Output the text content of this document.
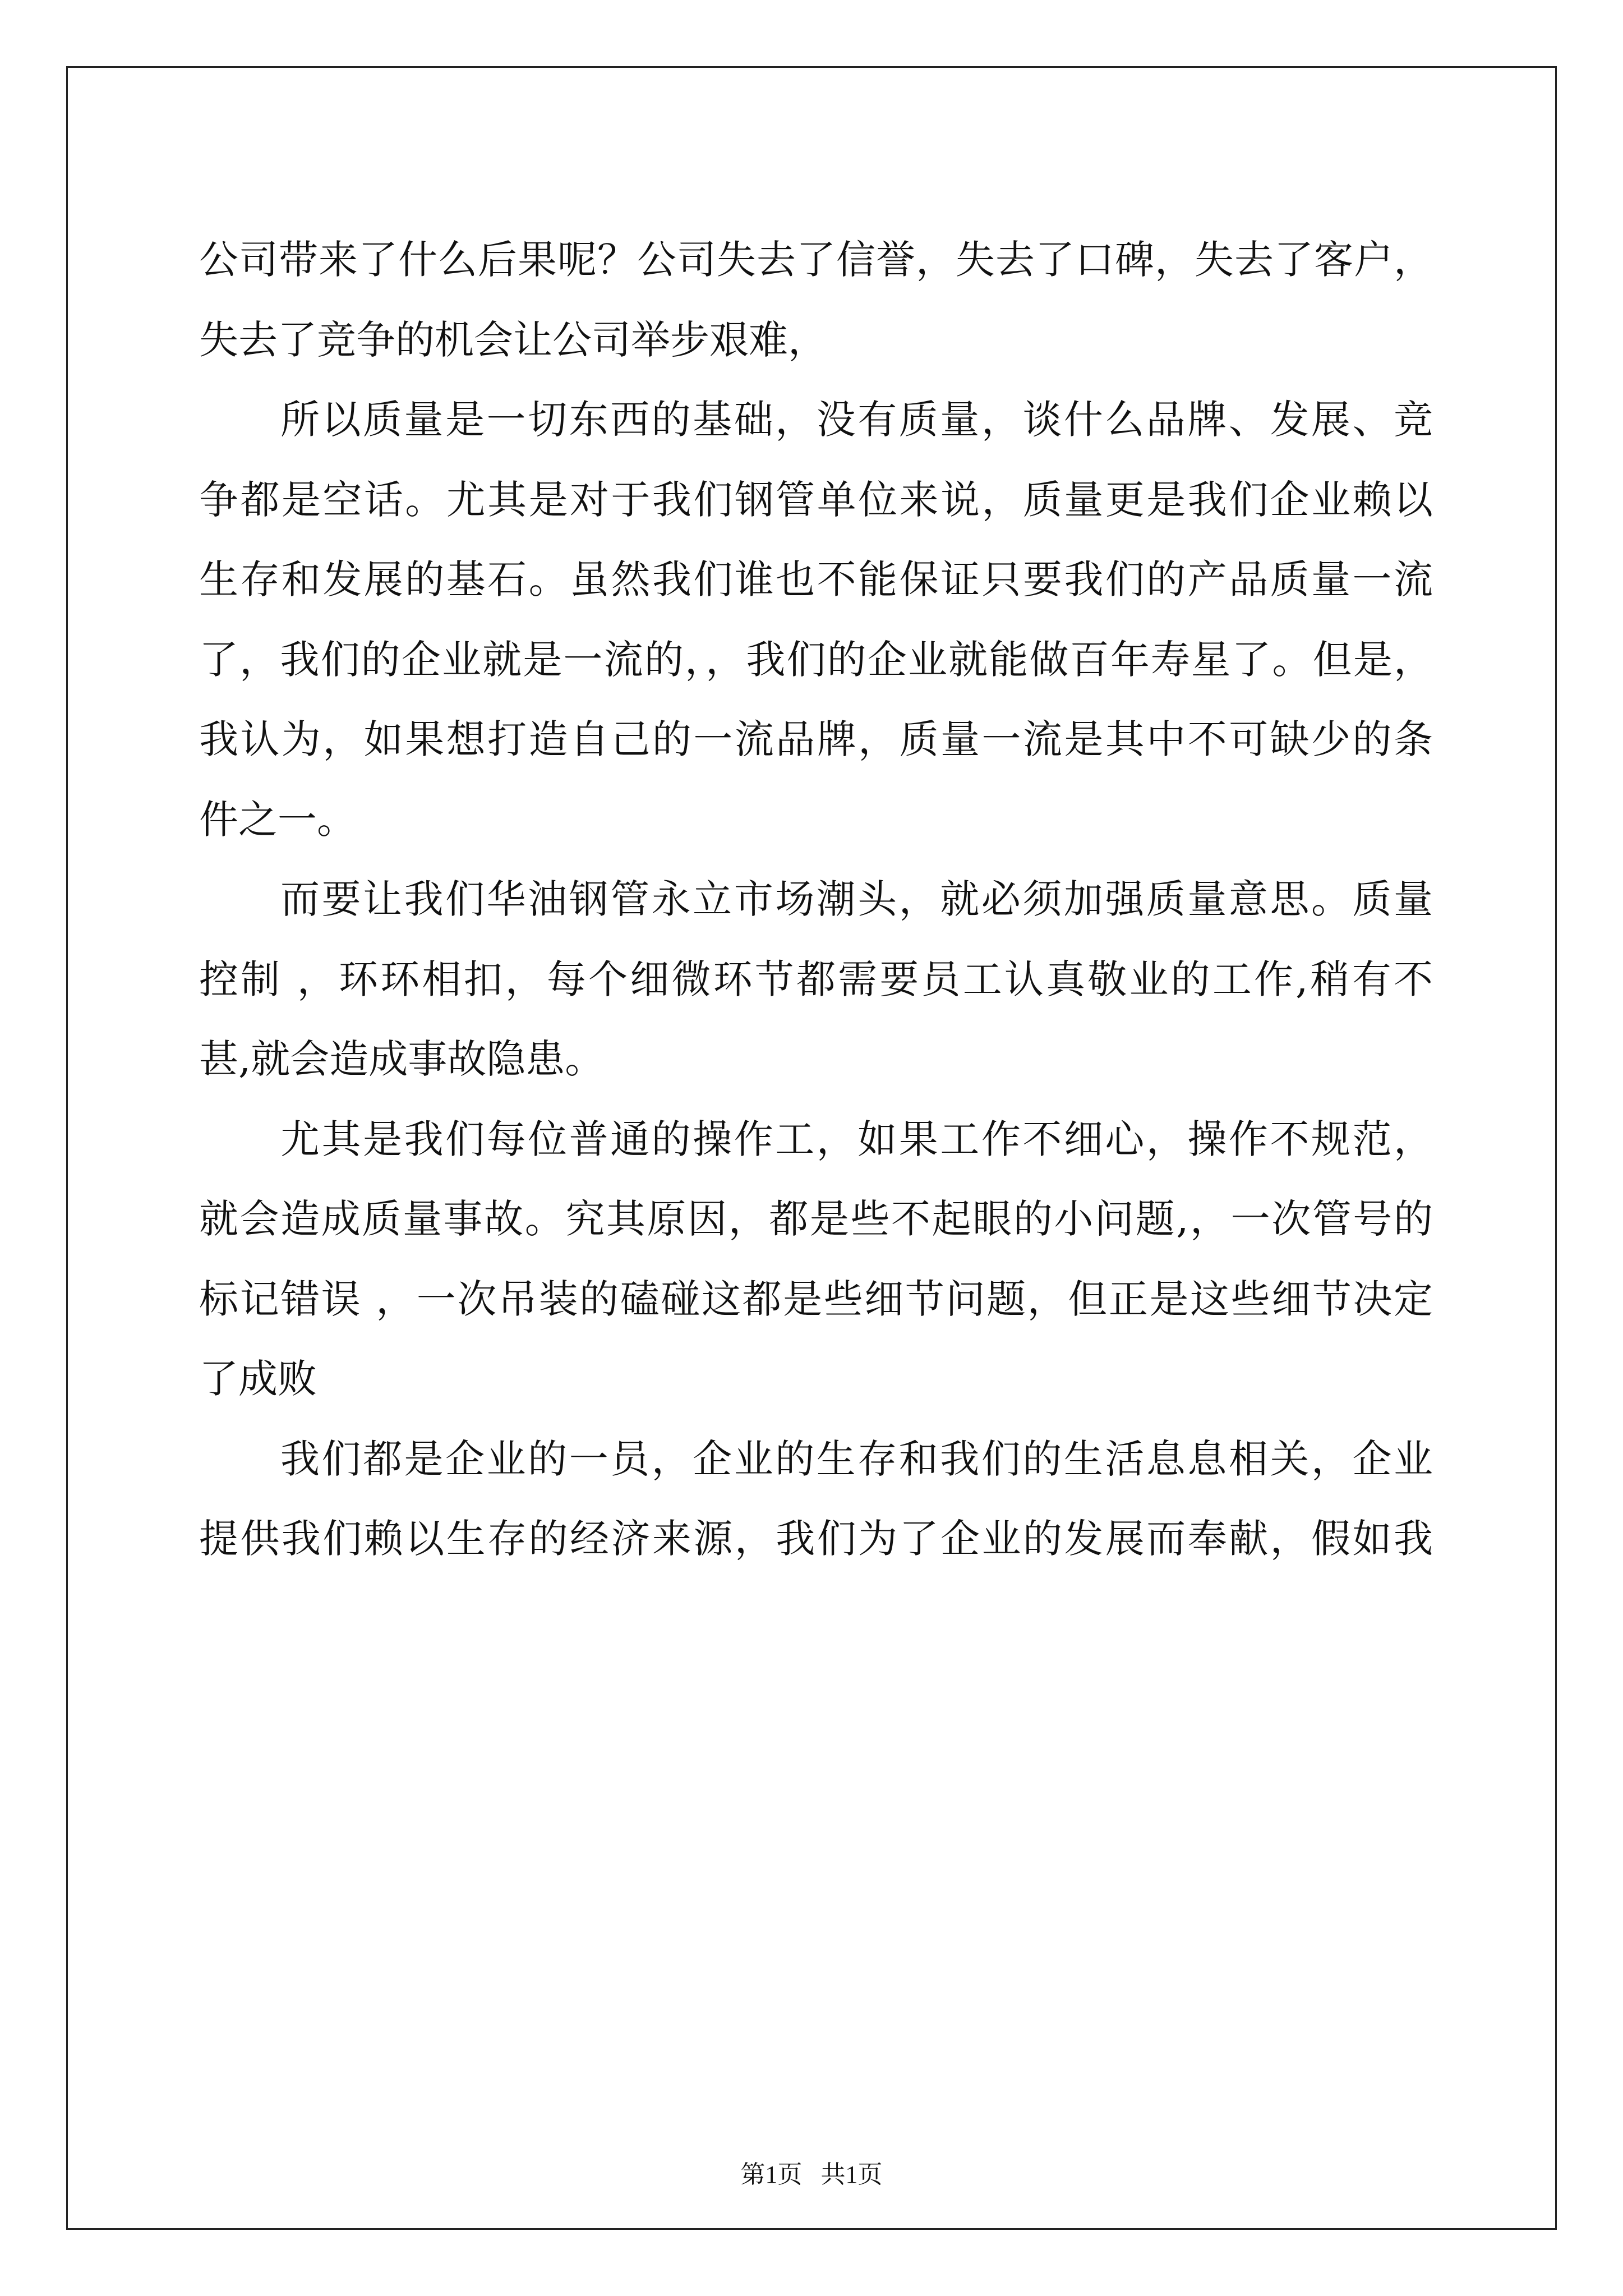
公司带来了什么后果呢？公司失去了信誉，失去了口碑，失去了客户，
失去了竞争的机会让公司举步艰难，
所以质量是一切东西的基础，没有质量，谈什么品牌、发展、竞
争都是空话。尤其是对于我们钢管单位来说，质量更是我们企业赖以
生存和发展的基石。虽然我们谁也不能保证只要我们的产品质量一流
了，我们的企业就是一流的，，我们的企业就能做百年寿星了。但是，
我认为，如果想打造自己的一流品牌，质量一流是其中不可缺少的条
件之一。
而要让我们华油钢管永立市场潮头，就必须加强质量意思。质量
控制 ，环环相扣，每个细微环节都需要员工认真敬业的工作,稍有不
甚,就会造成事故隐患。
尤其是我们每位普通的操作工，如果工作不细心，操作不规范，
就会造成质量事故。究其原因，都是些不起眼的小问题,，一次管号的
标记错误 ，一次吊装的磕碰这都是些细节问题，但正是这些细节决定
了成败
我们都是企业的一员，企业的生存和我们的生活息息相关，企业
提供我们赖以生存的经济来源，我们为了企业的发展而奉献，假如我
第1页   共1页
